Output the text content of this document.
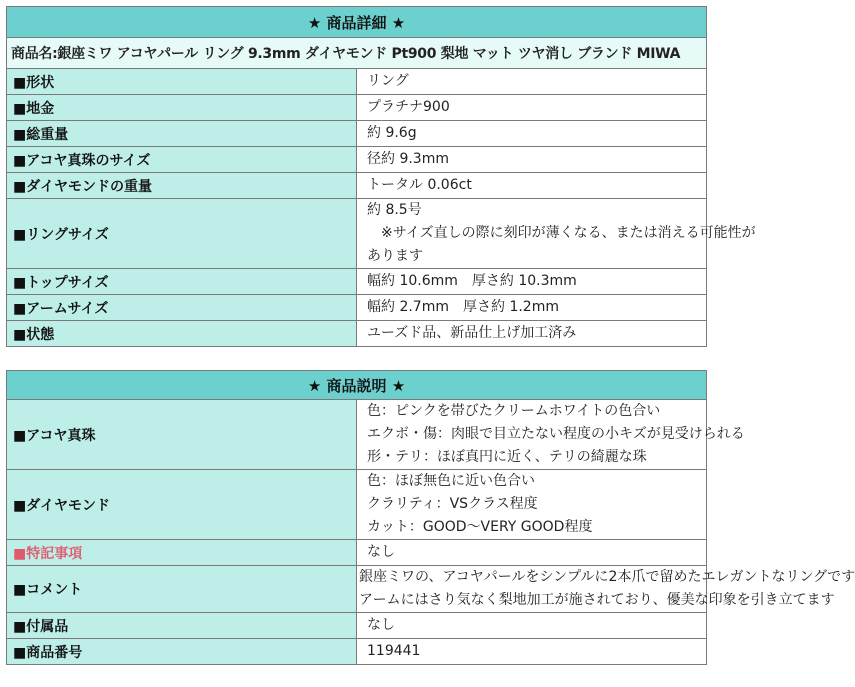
★ 商品詳細 ★	
商品名:銀座ミワ アコヤパール リング 9.3mm ダイヤモンド Pt900 梨地 マット ツヤ消し ブランド MIWA	
■形状	リング

■地金	プラチナ900

■総重量	約 9.6g

■アコヤ真珠のサイズ	径約 9.3mm

■ダイヤモンドの重量	トータル 0.06ct

■リングサイズ	約 8.5号
　※サイズ直しの際に刻印が薄くなる、または消える可能性が
あります

■トップサイズ	幅約 10.6mm　厚さ約 10.3mm

■アームサイズ	幅約 2.7mm　厚さ約 1.2mm

■状態	ユーズド品、新品仕上げ加工済み
★ 商品説明 ★	
■アコヤ真珠	色：ピンクを帯びたクリームホワイトの色合い
エクボ・傷：肉眼で目立たない程度の小キズが見受けられる
形・テリ：ほぼ真円に近く、テリの綺麗な珠

■ダイヤモンド	色：ほぼ無色に近い色合い
クラリティ：VSクラス程度
カット：GOOD～VERY GOOD程度

■特記事項	なし

■コメント	銀座ミワの、アコヤパールをシンプルに2本爪で留めたエレガントなリングです
アームにはさり気なく梨地加工が施されており、優美な印象を引き立てます

■付属品	なし

■商品番号	119441
